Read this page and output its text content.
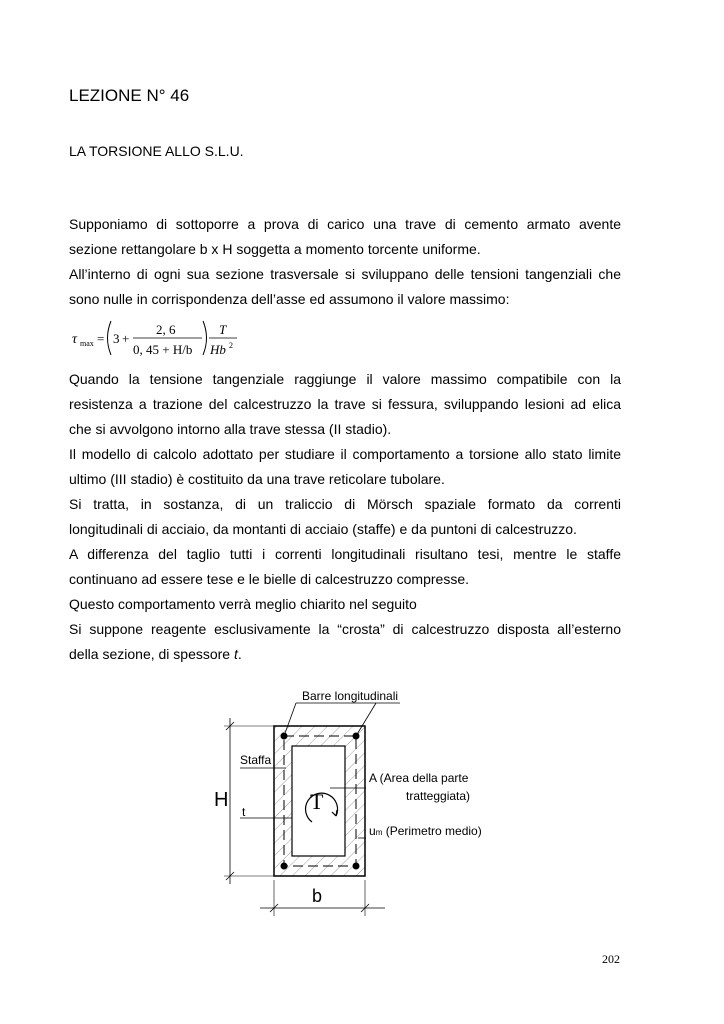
LEZIONE N° 46
LA TORSIONE ALLO S.L.U.
Supponiamo di sottoporre a prova di carico una trave di cemento armato avente
sezione rettangolare b x H soggetta a momento torcente uniforme.
All’interno di ogni sua sezione trasversale si sviluppano delle tensioni tangenziali che
sono nulle in corrispondenza dell’asse ed assumono il valore massimo:
τ max = 3 +
2, 6
0, 45 + H/b
T
Hb 2
Quando la tensione tangenziale raggiunge il valore massimo compatibile con la
resistenza a trazione del calcestruzzo la trave si fessura, sviluppando lesioni ad elica
che si avvolgono intorno alla trave stessa (II stadio).
Il modello di calcolo adottato per studiare il comportamento a torsione allo stato limite
ultimo (III stadio) è costituito da una trave reticolare tubolare.
Si tratta, in sostanza, di un traliccio di Mörsch spaziale formato da correnti
longitudinali di acciaio, da montanti di acciaio (staffe) e da puntoni di calcestruzzo.
A differenza del taglio tutti i correnti longitudinali risultano tesi, mentre le staffe
continuano ad essere tese e le bielle di calcestruzzo compresse.
Questo comportamento verrà meglio chiarito nel seguito
Si suppone reagente esclusivamente la “crosta” di calcestruzzo disposta all’esterno
della sezione, di spessore t.
T
Barre longitudinali
Staffa
A (Area della parte
tratteggiata)
um (Perimetro medio)
H
t
b
202
